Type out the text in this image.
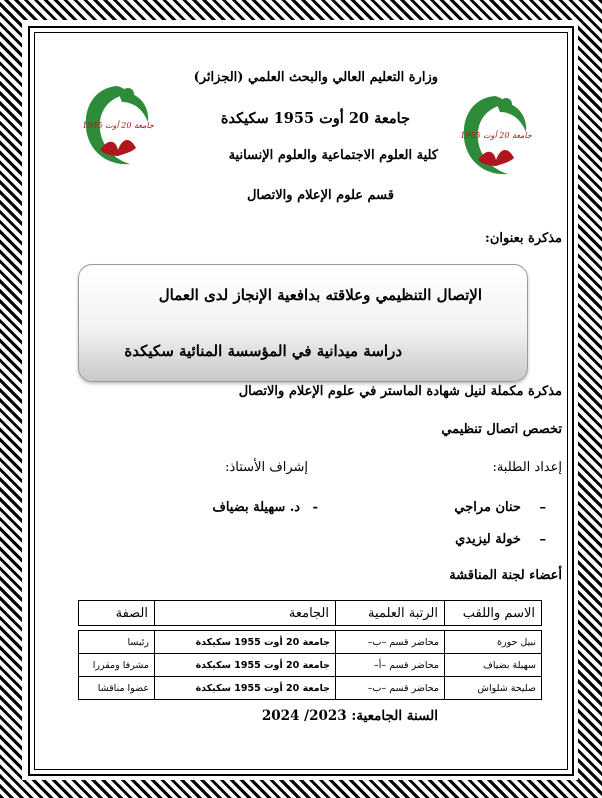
جامعة 20 أوت 1955
جامعة 20 أوت 1955
وزارة التعليم العالي والبحث العلمي (الجزائر)
جامعة 20 أوت 1955 سكيكدة
كلية العلوم الاجتماعية والعلوم الإنسانية
قسم علوم الإعلام والاتصال
مذكرة بعنوان:
الإتصال التنظيمي وعلاقته بدافعية الإنجاز لدى العمال
دراسة ميدانية في المؤسسة المنائية سكيكدة
مذكرة مكملة لنيل شهادة الماستر في علوم الإعلام والاتصال
تخصص اتصال تنظيمي
إعداد الطلبة:
إشراف الأستاذ:
– حنان مراجي
- د. سهيلة بضياف
– خولة ليزيدي
أعضاء لجنة المناقشة
الاسم واللقب	الرتبة العلمية	الجامعة	الصفة

نبيل حورة	محاضر قسم –ب–	جامعة 20 أوت 1955 سكيكدة	رئيسا
سهيلة بضياف	محاضر قسم –أ–	جامعة 20 أوت 1955 سكيكدة	مشرفا ومقررا
صليحة شلواش	محاضر قسم –ب–	جامعة 20 أوت 1955 سكيكدة	عضوا مناقشا
السنة الجامعية: 2023/ 2024
